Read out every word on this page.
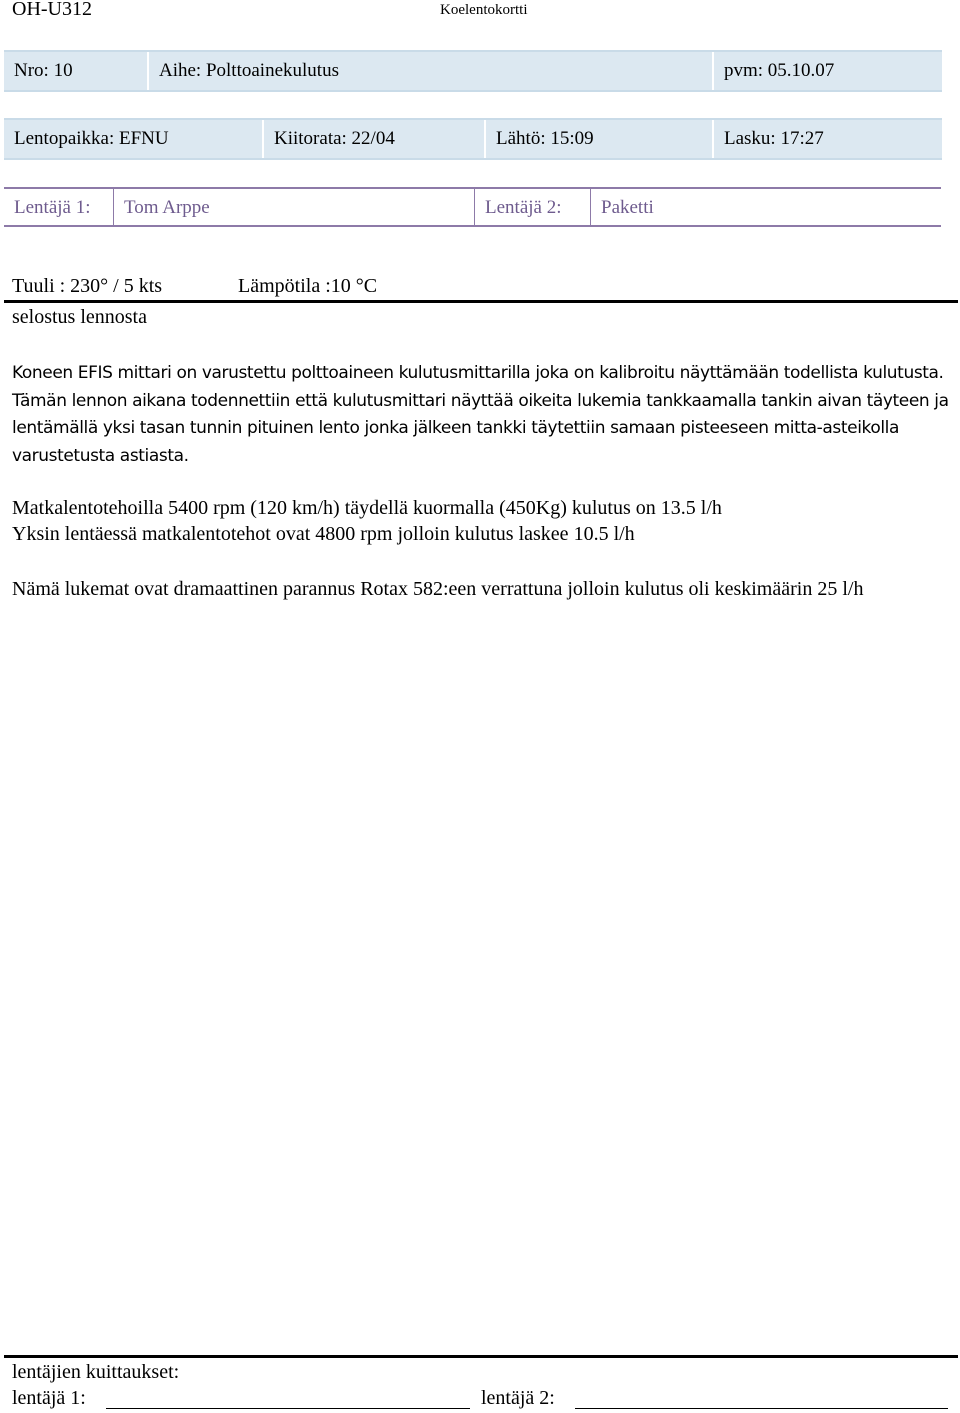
OH-U312	Koelentokortti
Nro: 10	Aihe: Polttoainekulutus	pvm: 05.10.07
Lentopaikka: EFNU	Kiitorata: 22/04	Lähtö: 15:09	Lasku: 17:27
Lentäjä 1:	Tom Arppe	Lentäjä 2:	Paketti
Tuuli : 230° / 5 kts	Lämpötila :10 °C
selostus lennosta

Koneen EFIS mittari on varustettu polttoaineen kulutusmittarilla joka on kalibroitu näyttämään todellista kulutusta. Tämän lennon aikana todennettiin että kulutusmittari näyttää oikeita lukemia tankkaamalla tankin aivan täyteen ja lentämällä yksi tasan tunnin pituinen lento jonka jälkeen tankki täytettiin samaan pisteeseen mitta-asteikolla varustetusta astiasta.

Matkalentotehoilla 5400 rpm (120 km/h) täydellä kuormalla (450Kg) kulutus on 13.5 l/h

Yksin lentäessä matkalentotehot ovat 4800 rpm jolloin kulutus laskee 10.5 l/h

Nämä lukemat ovat dramaattinen parannus Rotax 582:een verrattuna jolloin kulutus oli keskimäärin 25 l/h

lentäjien kuittaukset:
lentäjä 1:	lentäjä 2:
